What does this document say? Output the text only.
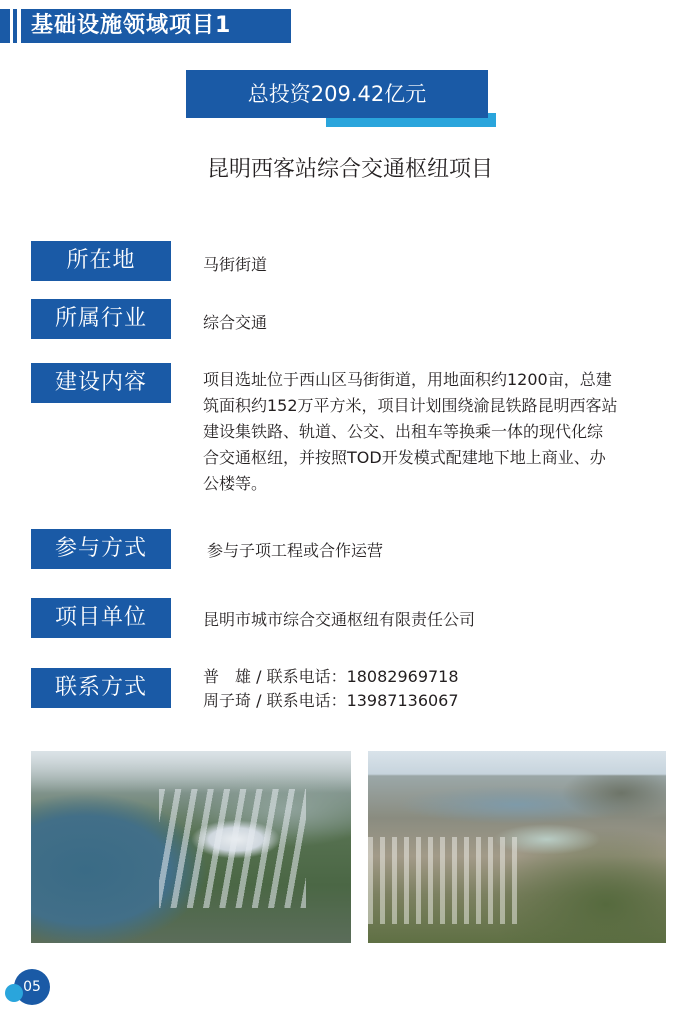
基础设施领域项目1
总投资209.42亿元
昆明西客站综合交通枢纽项目
所在地	马街街道
所属行业	综合交通
建设内容	项目选址位于西山区马街街道，用地面积约1200亩，总建
筑面积约152万平方米，项目计划围绕渝昆铁路昆明西客站
建设集铁路、轨道、公交、出租车等换乘一体的现代化综
合交通枢纽，并按照TOD开发模式配建地下地上商业、办
公楼等。
参与方式	参与子项工程或合作运营
项目单位	昆明市城市综合交通枢纽有限责任公司
联系方式	普　雄 / 联系电话：18082969718
周子琦 / 联系电话：13987136067
05
